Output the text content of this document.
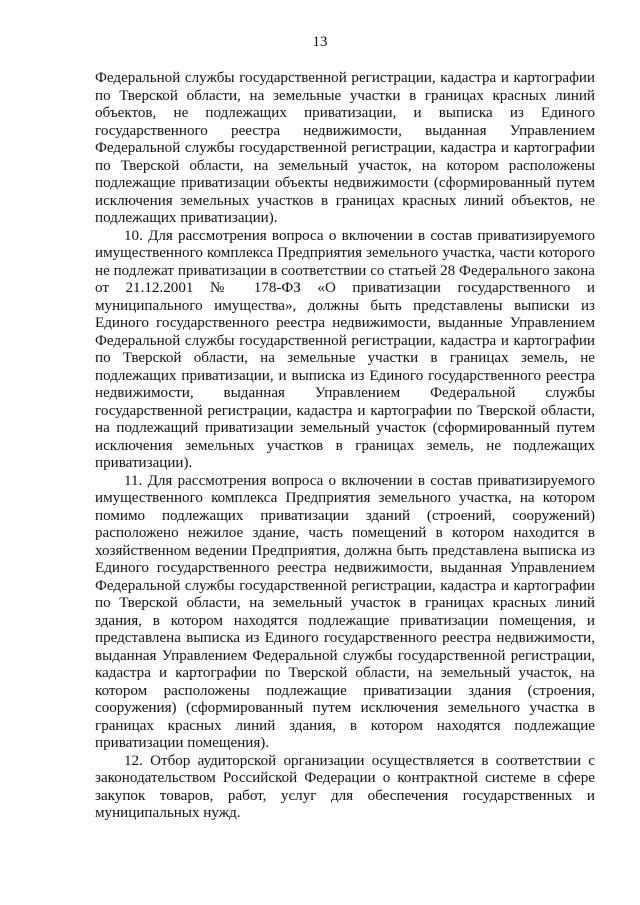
13

Федеральной службы государственной регистрации, кадастра и картографии по Тверской области, на земельные участки в границах красных линий объектов, не подлежащих приватизации, и выписка из Единого государственного реестра недвижимости, выданная Управлением Федеральной службы государственной регистрации, кадастра и картографии по Тверской области, на земельный участок, на котором расположены подлежащие приватизации объекты недвижимости (сформированный путем исключения земельных участков в границах красных линий объектов, не подлежащих приватизации).

10. Для рассмотрения вопроса о включении в состав приватизируемого имущественного комплекса Предприятия земельного участка, части которого не подлежат приватизации в соответствии со статьей 28 Федерального закона от 21.12.2001 № 178-ФЗ «О приватизации государственного и муниципального имущества», должны быть представлены выписки из Единого государственного реестра недвижимости, выданные Управлением Федеральной службы государственной регистрации, кадастра и картографии по Тверской области, на земельные участки в границах земель, не подлежащих приватизации, и выписка из Единого государственного реестра недвижимости, выданная Управлением Федеральной службы государственной регистрации, кадастра и картографии по Тверской области, на подлежащий приватизации земельный участок (сформированный путем исключения земельных участков в границах земель, не подлежащих приватизации).

11. Для рассмотрения вопроса о включении в состав приватизируемого имущественного комплекса Предприятия земельного участка, на котором помимо подлежащих приватизации зданий (строений, сооружений) расположено нежилое здание, часть помещений в котором находится в хозяйственном ведении Предприятия, должна быть представлена выписка из Единого государственного реестра недвижимости, выданная Управлением Федеральной службы государственной регистрации, кадастра и картографии по Тверской области, на земельный участок в границах красных линий здания, в котором находятся подлежащие приватизации помещения, и представлена выписка из Единого государственного реестра недвижимости, выданная Управлением Федеральной службы государственной регистрации, кадастра и картографии по Тверской области, на земельный участок, на котором расположены подлежащие приватизации здания (строения, сооружения) (сформированный путем исключения земельного участка в границах красных линий здания, в котором находятся подлежащие приватизации помещения).

12. Отбор аудиторской организации осуществляется в соответствии с законодательством Российской Федерации о контрактной системе в сфере закупок товаров, работ, услуг для обеспечения государственных и муниципальных нужд.
